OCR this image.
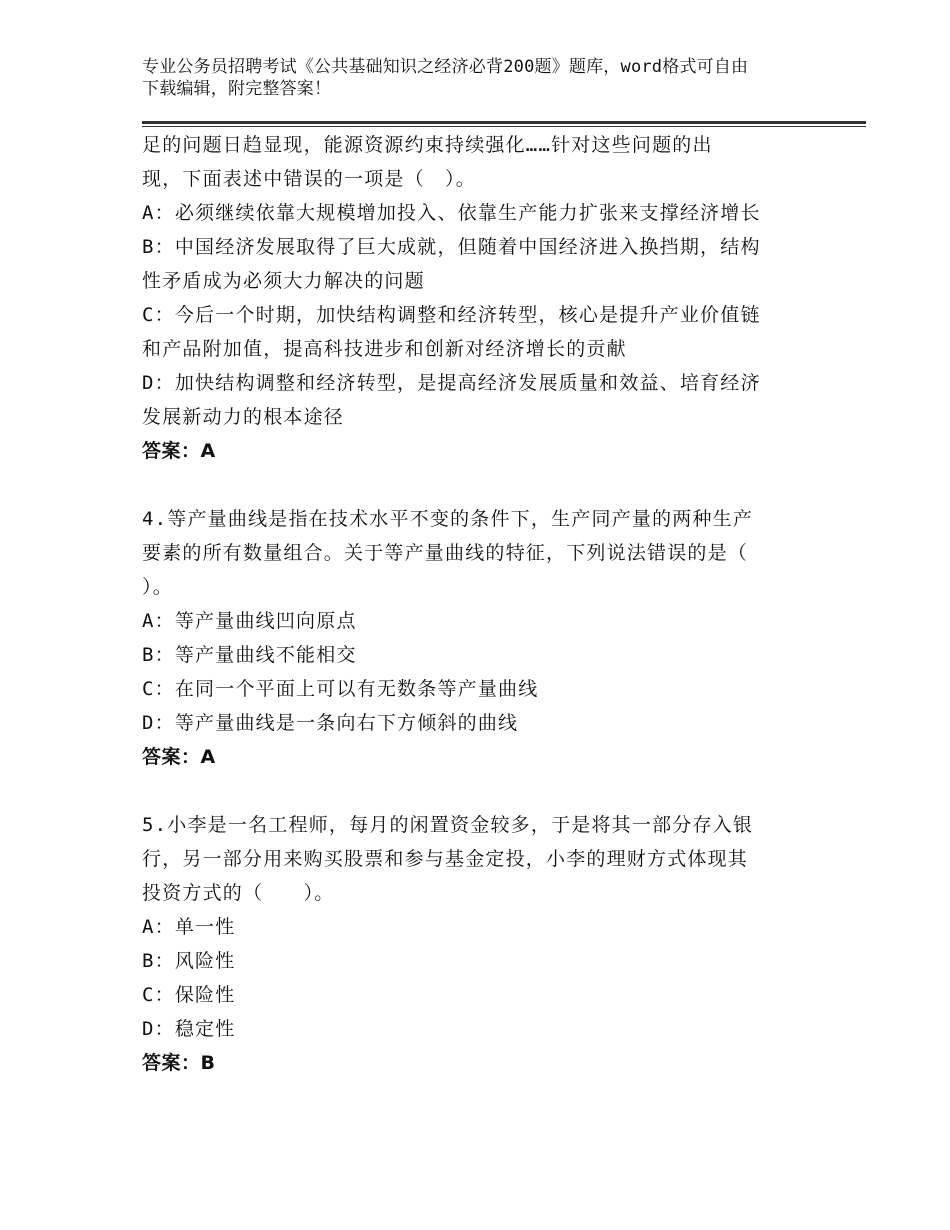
专业公务员招聘考试《公共基础知识之经济必背200题》题库，word格式可自由
下载编辑，附完整答案！
足的问题日趋显现，能源资源约束持续强化……针对这些问题的出
现，下面表述中错误的一项是（　）。
A：必须继续依靠大规模增加投入、依靠生产能力扩张来支撑经济增长
B：中国经济发展取得了巨大成就，但随着中国经济进入换挡期，结构
性矛盾成为必须大力解决的问题
C：今后一个时期，加快结构调整和经济转型，核心是提升产业价值链
和产品附加值，提高科技进步和创新对经济增长的贡献
D：加快结构调整和经济转型，是提高经济发展质量和效益、培育经济
发展新动力的根本途径
答案：A
4.等产量曲线是指在技术水平不变的条件下，生产同产量的两种生产
要素的所有数量组合。关于等产量曲线的特征，下列说法错误的是（
）。
A：等产量曲线凹向原点
B：等产量曲线不能相交
C：在同一个平面上可以有无数条等产量曲线
D：等产量曲线是一条向右下方倾斜的曲线
答案：A
5.小李是一名工程师，每月的闲置资金较多，于是将其一部分存入银
行，另一部分用来购买股票和参与基金定投，小李的理财方式体现其
投资方式的（　　）。
A：单一性
B：风险性
C：保险性
D：稳定性
答案：B
